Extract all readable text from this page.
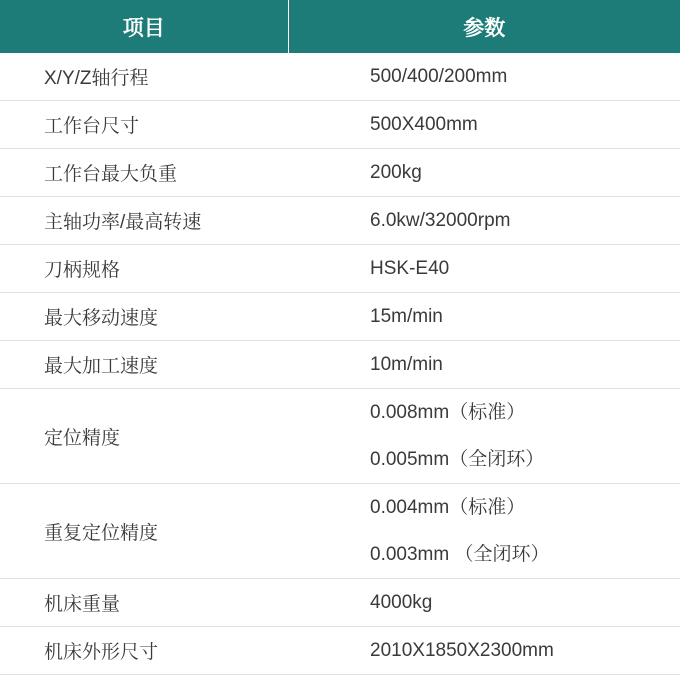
项目	参数
X/Y/Z轴行程	500/400/200mm

工作台尺寸	500X400mm

工作台最大负重	200kg

主轴功率/最高转速	6.0kw/32000rpm

刀柄规格	HSK-E40

最大移动速度	15m/min

最大加工速度	10m/min

定位精度	0.008mm（标准）
0.005mm（全闭环）

重复定位精度	0.004mm（标准）
0.003mm （全闭环）

机床重量	4000kg

机床外形尺寸	2010X1850X2300mm
